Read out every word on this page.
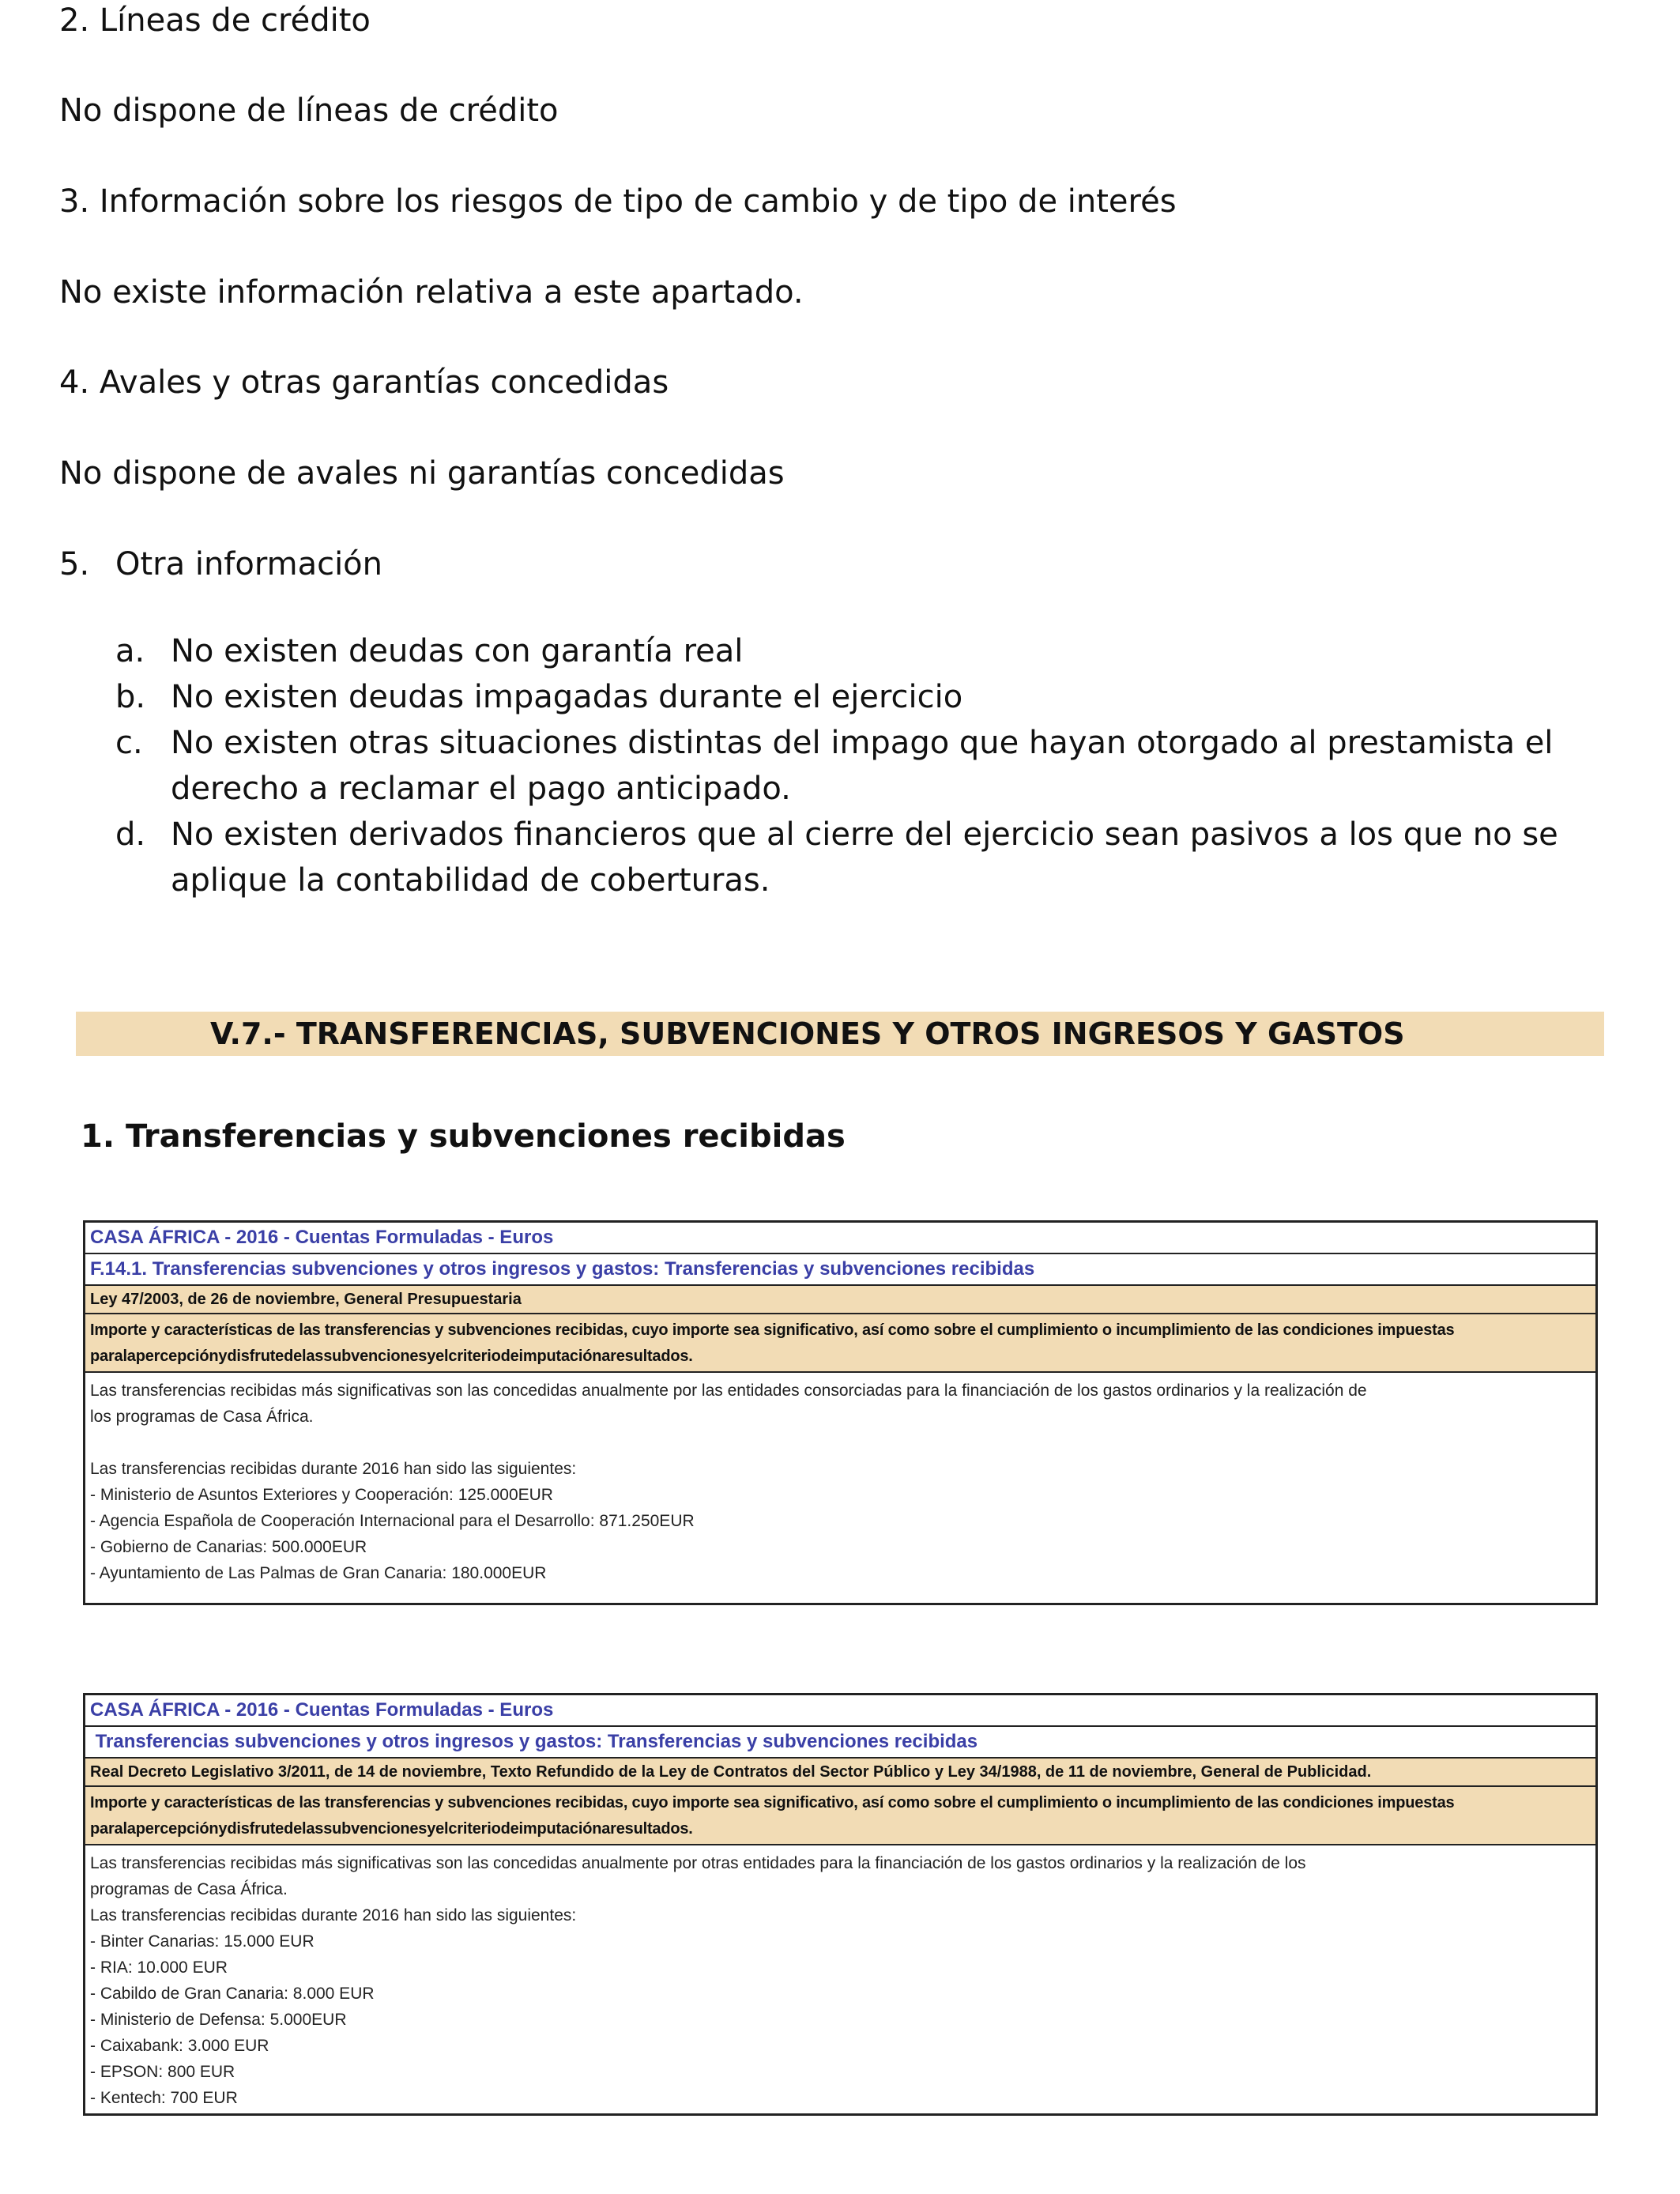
2. Líneas de crédito
No dispone de líneas de crédito
3. Información sobre los riesgos de tipo de cambio y de tipo de interés
No existe información relativa a este apartado.
4. Avales y otras garantías concedidas
No dispone de avales ni garantías concedidas
5. Otra información
a. No existen deudas con garantía real
b. No existen deudas impagadas durante el ejercicio
c. No existen otras situaciones distintas del impago que hayan otorgado al prestamista el
derecho a reclamar el pago anticipado.
d. No existen derivados financieros que al cierre del ejercicio sean pasivos a los que no se
aplique la contabilidad de coberturas.
V.7.- TRANSFERENCIAS, SUBVENCIONES Y OTROS INGRESOS Y GASTOS
1. Transferencias y subvenciones recibidas
CASA ÁFRICA - 2016 - Cuentas Formuladas - Euros
F.14.1. Transferencias subvenciones y otros ingresos y gastos: Transferencias y subvenciones recibidas
Ley 47/2003, de 26 de noviembre, General Presupuestaria
Importe y características de las transferencias y subvenciones recibidas, cuyo importe sea significativo, así como sobre el cumplimiento o incumplimiento de las condiciones impuestas
paralapercepciónydisfrutedelassubvencionesyelcriteriodeimputaciónaresultados.
Las transferencias recibidas más significativas son las concedidas anualmente por las entidades consorciadas para la financiación de los gastos ordinarios y la realización de
los programas de Casa África.
Las transferencias recibidas durante 2016 han sido las siguientes:
- Ministerio de Asuntos Exteriores y Cooperación: 125.000EUR
- Agencia Española de Cooperación Internacional para el Desarrollo: 871.250EUR
- Gobierno de Canarias: 500.000EUR
- Ayuntamiento de Las Palmas de Gran Canaria: 180.000EUR
CASA ÁFRICA - 2016 - Cuentas Formuladas - Euros
Transferencias subvenciones y otros ingresos y gastos: Transferencias y subvenciones recibidas
Real Decreto Legislativo 3/2011, de 14 de noviembre, Texto Refundido de la Ley de Contratos del Sector Público y Ley 34/1988, de 11 de noviembre, General de Publicidad.
Importe y características de las transferencias y subvenciones recibidas, cuyo importe sea significativo, así como sobre el cumplimiento o incumplimiento de las condiciones impuestas
paralapercepciónydisfrutedelassubvencionesyelcriteriodeimputaciónaresultados.
Las transferencias recibidas más significativas son las concedidas anualmente por otras entidades para la financiación de los gastos ordinarios y la realización de los
programas de Casa África.
Las transferencias recibidas durante 2016 han sido las siguientes:
- Binter Canarias: 15.000 EUR
- RIA: 10.000 EUR
- Cabildo de Gran Canaria: 8.000 EUR
- Ministerio de Defensa: 5.000EUR
- Caixabank: 3.000 EUR
- EPSON: 800 EUR
- Kentech: 700 EUR
